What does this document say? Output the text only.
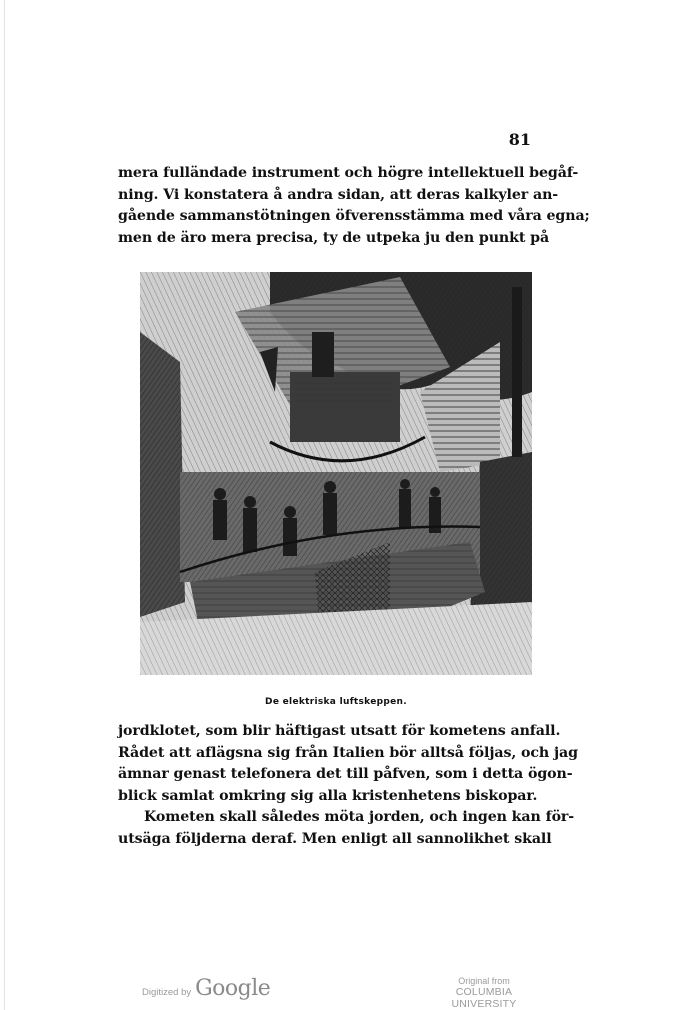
81
mera fulländade instrument och högre intellektuell begåf-
ning. Vi konstatera å andra sidan, att deras kalkyler an-
gående sammanstötningen öfverensstämma med våra egna;
men de äro mera precisa, ty de utpeka ju den punkt på
De elektriska luftskeppen.
jordklotet, som blir häftigast utsatt för kometens anfall.
Rådet att aflägsna sig från Italien bör alltså följas, och jag
ämnar genast telefonera det till påfven, som i detta ögon-
blick samlat omkring sig alla kristenhetens biskopar.
Kometen skall således möta jorden, och ingen kan för-
utsäga följderna deraf. Men enligt all sannolikhet skall
Digitized by Google	Original from
COLUMBIA UNIVERSITY
